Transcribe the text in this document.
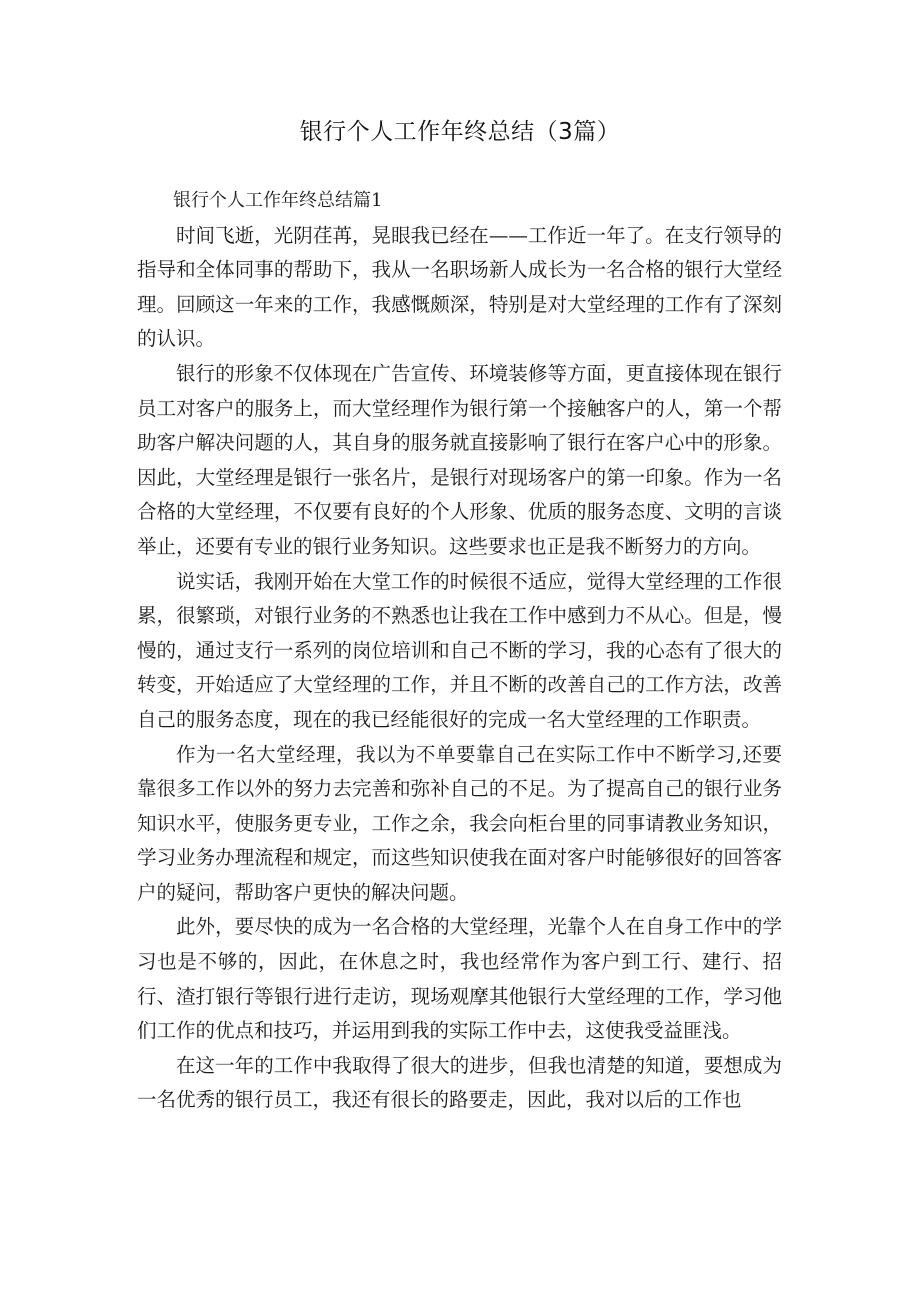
银行个人工作年终总结（3篇）
银行个人工作年终总结篇1

时间飞逝，光阴荏苒，晃眼我已经在——工作近一年了。在支行领导的指导和全体同事的帮助下，我从一名职场新人成长为一名合格的银行大堂经理。回顾这一年来的工作，我感慨颇深，特别是对大堂经理的工作有了深刻的认识。

银行的形象不仅体现在广告宣传、环境装修等方面，更直接体现在银行员工对客户的服务上，而大堂经理作为银行第一个接触客户的人，第一个帮助客户解决问题的人，其自身的服务就直接影响了银行在客户心中的形象。因此，大堂经理是银行一张名片，是银行对现场客户的第一印象。作为一名合格的大堂经理，不仅要有良好的个人形象、优质的服务态度、文明的言谈举止，还要有专业的银行业务知识。这些要求也正是我不断努力的方向。

说实话，我刚开始在大堂工作的时候很不适应，觉得大堂经理的工作很累，很繁琐，对银行业务的不熟悉也让我在工作中感到力不从心。但是，慢慢的，通过支行一系列的岗位培训和自己不断的学习，我的心态有了很大的转变，开始适应了大堂经理的工作，并且不断的改善自己的工作方法，改善自己的服务态度，现在的我已经能很好的完成一名大堂经理的工作职责。

作为一名大堂经理，我以为不单要靠自己在实际工作中不断学习,还要靠很多工作以外的努力去完善和弥补自己的不足。为了提高自己的银行业务知识水平，使服务更专业，工作之余，我会向柜台里的同事请教业务知识，学习业务办理流程和规定，而这些知识使我在面对客户时能够很好的回答客户的疑问，帮助客户更快的解决问题。

此外，要尽快的成为一名合格的大堂经理，光靠个人在自身工作中的学习也是不够的，因此，在休息之时，我也经常作为客户到工行、建行、招行、渣打银行等银行进行走访，现场观摩其他银行大堂经理的工作，学习他们工作的优点和技巧，并运用到我的实际工作中去，这使我受益匪浅。

在这一年的工作中我取得了很大的进步，但我也清楚的知道，要想成为一名优秀的银行员工，我还有很长的路要走，因此，我对以后的工作也
